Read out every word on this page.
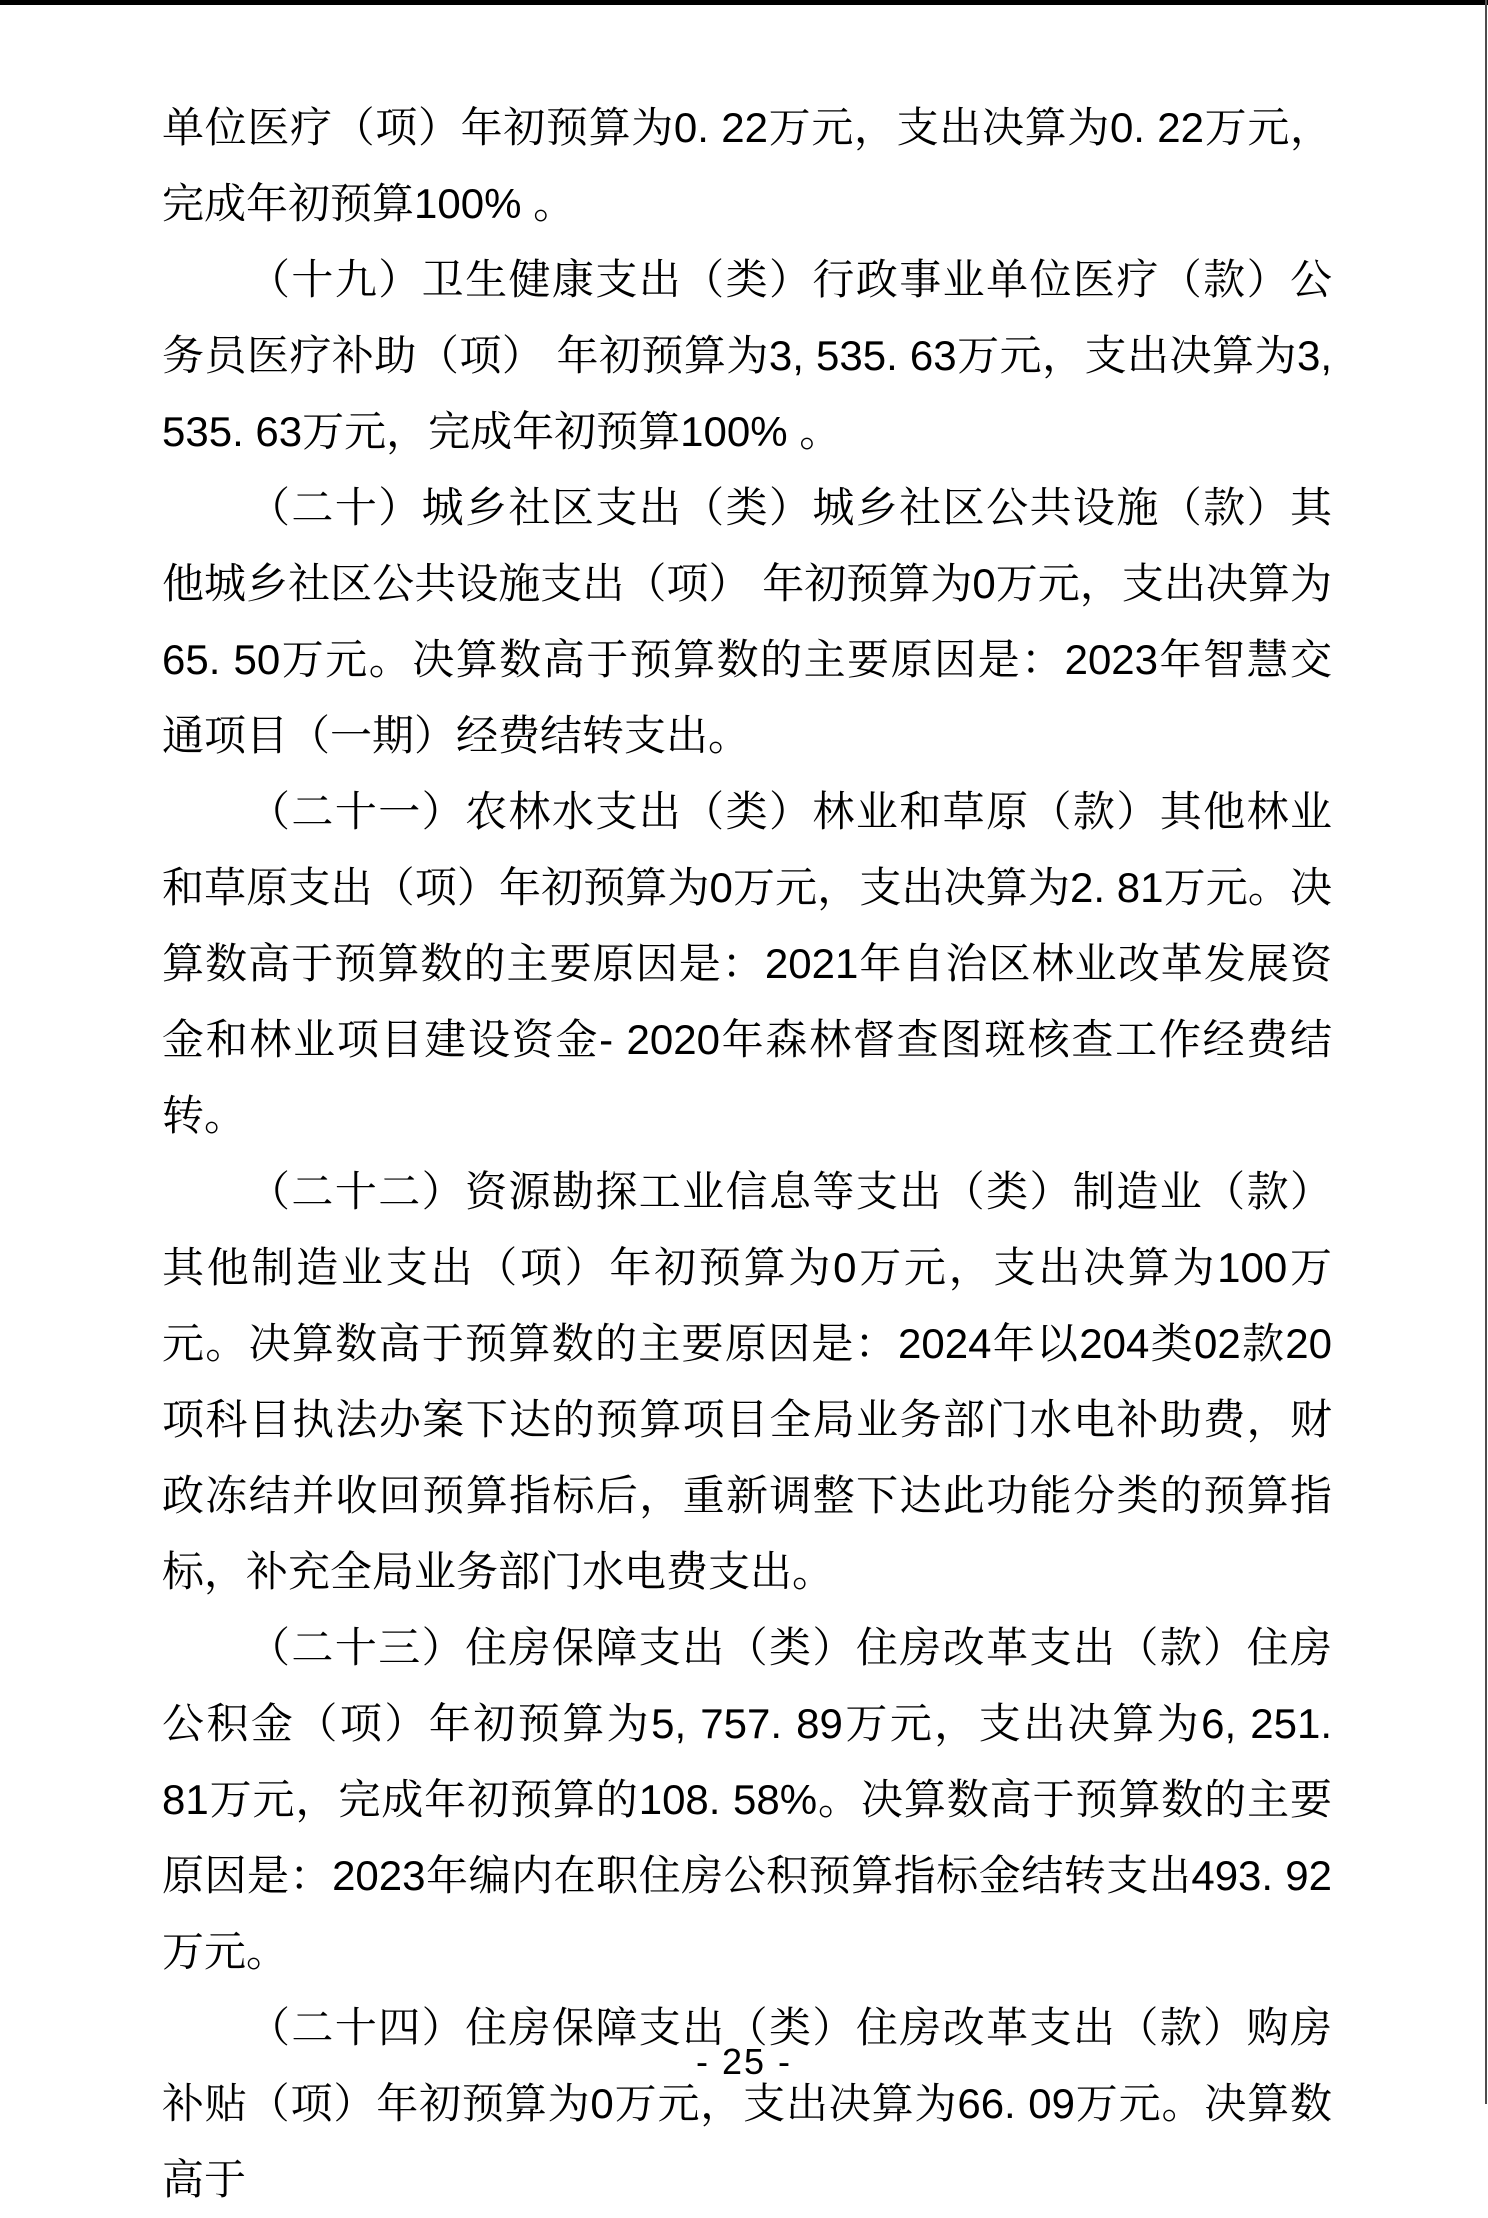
单位医疗（项）年初预算为0. 22万元，支出决算为0. 22万元，完成年初预算100% 。

（十九）卫生健康支出（类）行政事业单位医疗（款）公务员医疗补助（项） 年初预算为3, 535. 63万元，支出决算为3, 535. 63万元，完成年初预算100% 。

（二十）城乡社区支出（类）城乡社区公共设施（款）其他城乡社区公共设施支出（项） 年初预算为0万元，支出决算为65. 50万元。决算数高于预算数的主要原因是：2023年智慧交通项目（一期）经费结转支出。

（二十一）农林水支出（类）林业和草原（款）其他林业和草原支出（项）年初预算为0万元，支出决算为2. 81万元。决算数高于预算数的主要原因是：2021年自治区林业改革发展资金和林业项目建设资金- 2020年森林督查图斑核查工作经费结转。

（二十二）资源勘探工业信息等支出（类）制造业（款）其他制造业支出（项）年初预算为0万元，支出决算为100万元。决算数高于预算数的主要原因是：2024年以204类02款20项科目执法办案下达的预算项目全局业务部门水电补助费，财政冻结并收回预算指标后，重新调整下达此功能分类的预算指标，补充全局业务部门水电费支出。

（二十三）住房保障支出（类）住房改革支出（款）住房公积金（项）年初预算为5, 757. 89万元，支出决算为6, 251. 81万元，完成年初预算的108. 58%。决算数高于预算数的主要原因是：2023年编内在职住房公积预算指标金结转支出493. 92万元。

（二十四）住房保障支出（类）住房改革支出（款）购房补贴（项）年初预算为0万元，支出决算为66. 09万元。决算数高于

- 25 -
